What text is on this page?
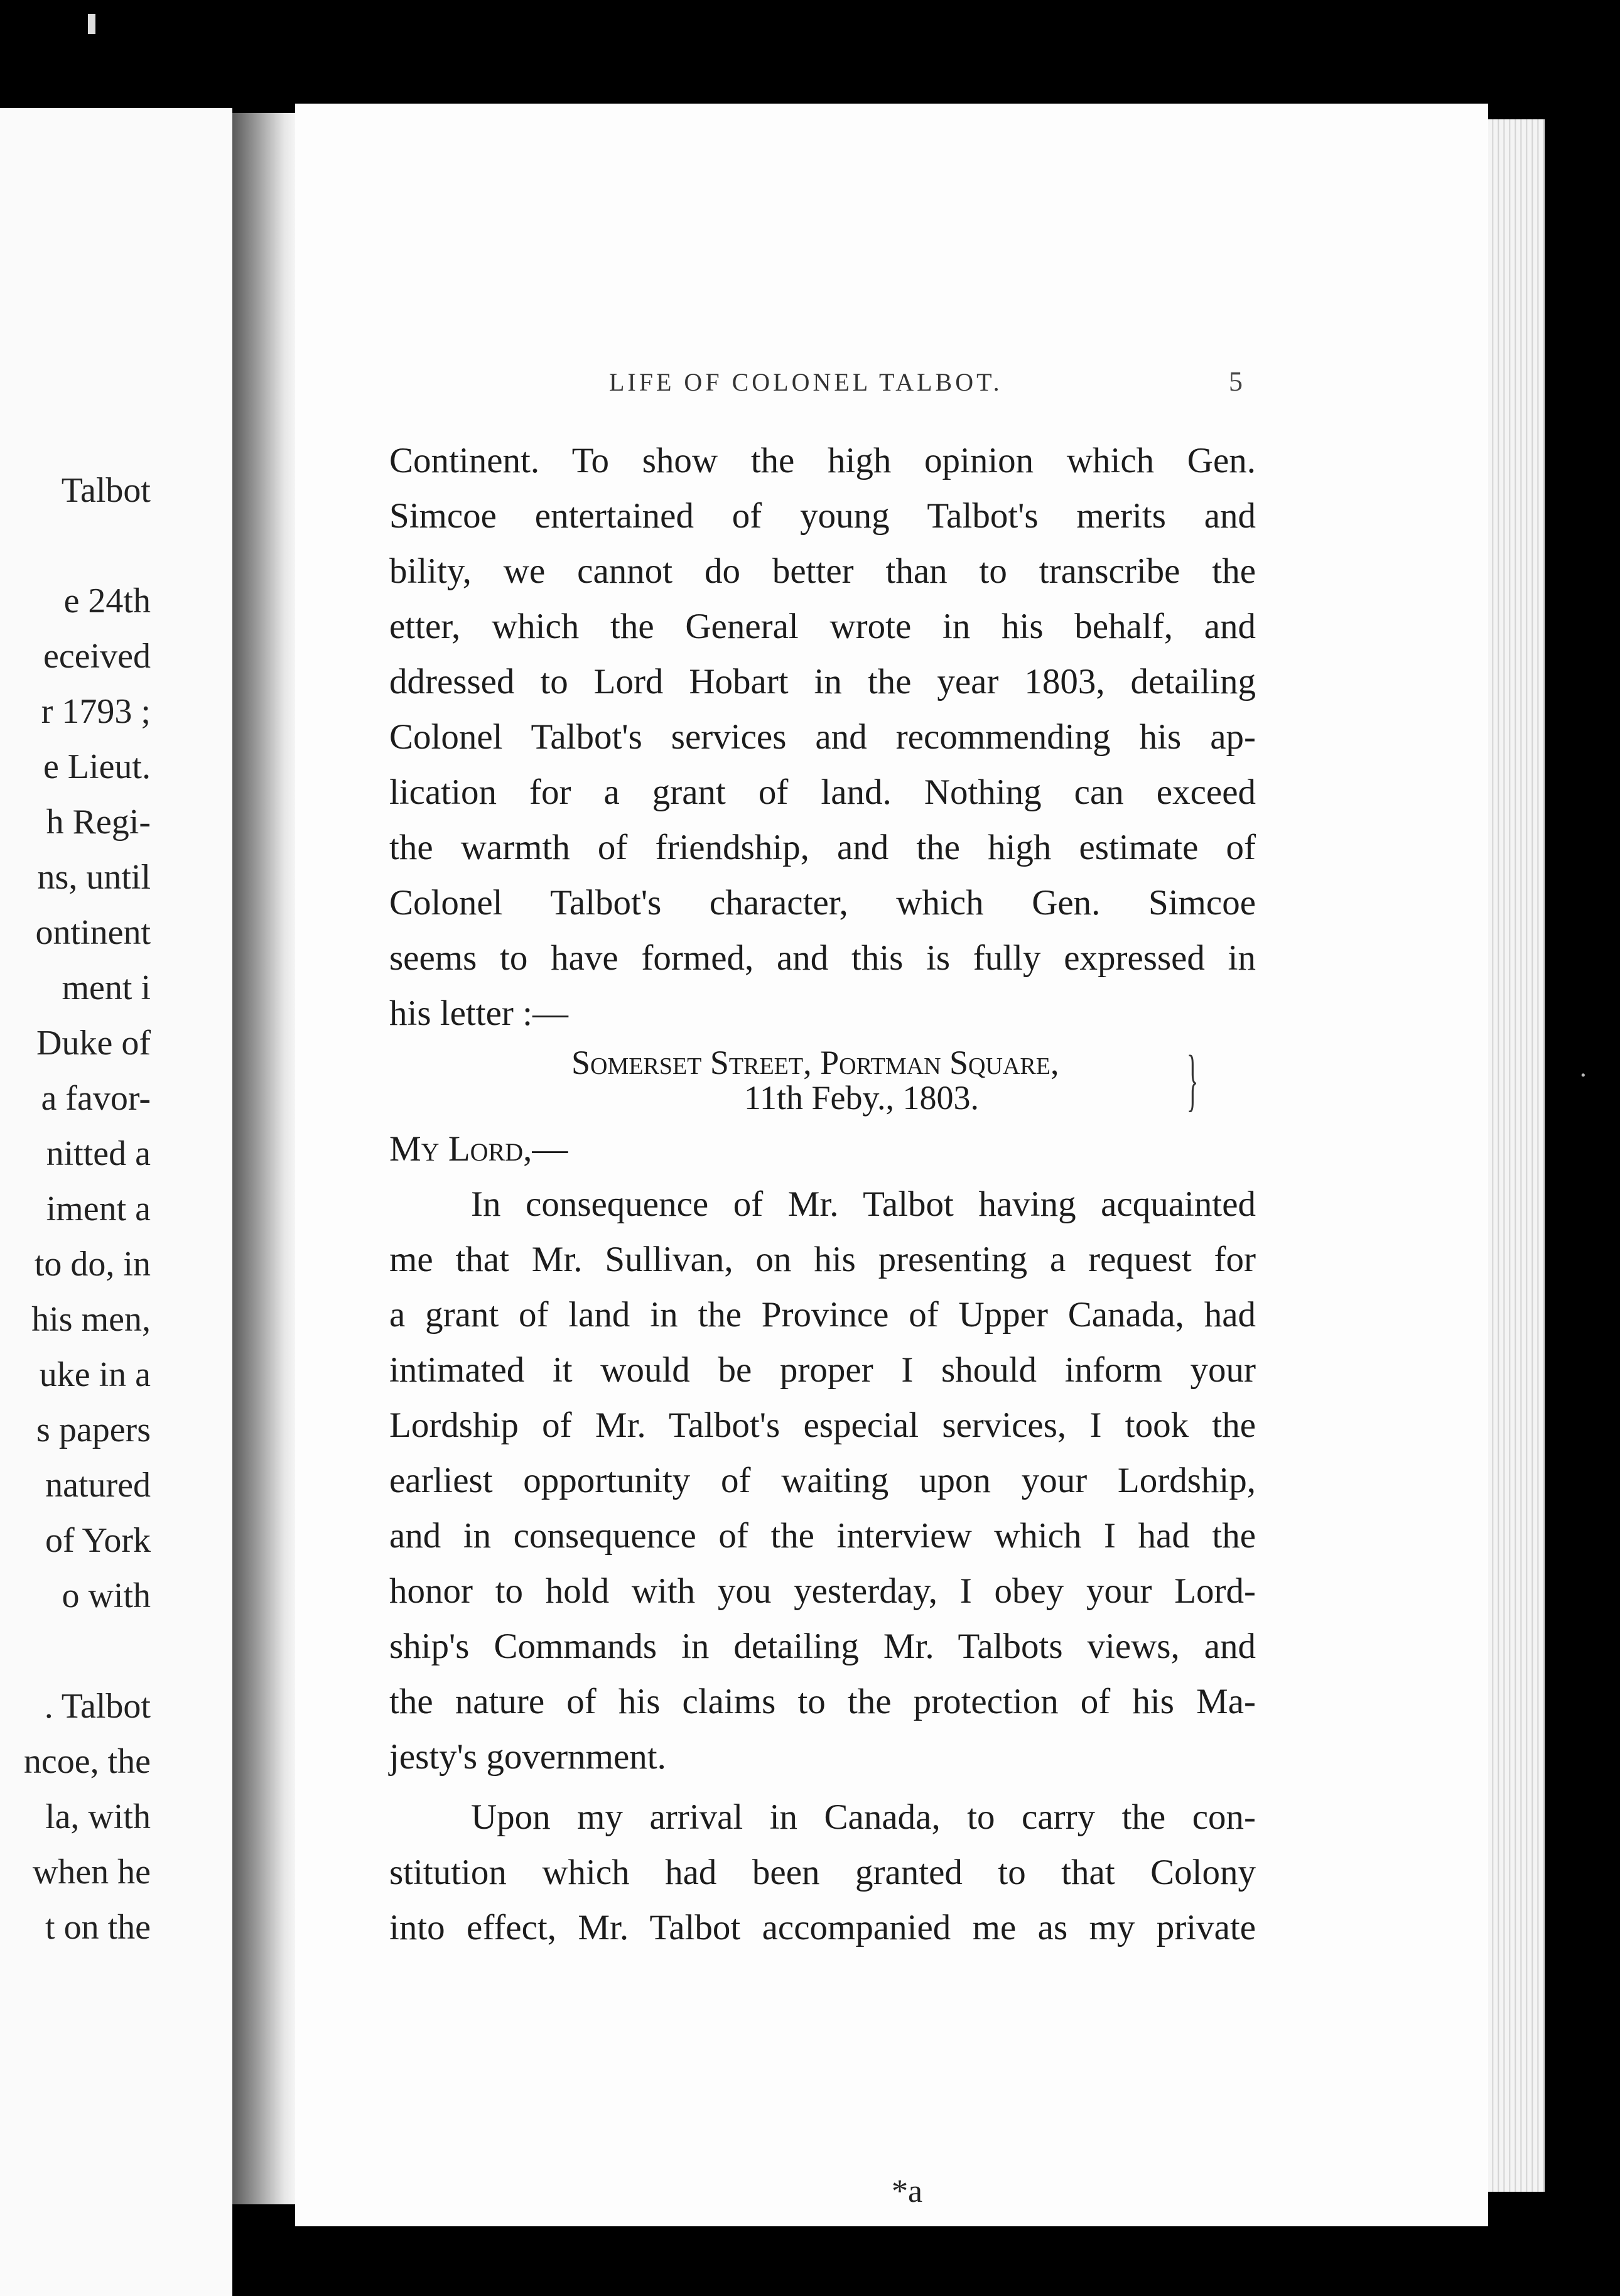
Talbot
e 24th
eceived
r 1793 ;
e Lieut.
h Regi-
ns, until
ontinent
ment i
Duke of
a favor-
nitted a
iment a
to do, in
his men,
uke in a
s papers
natured
of York
o with
. Talbot
ncoe, the
la, with
when he
t on the
LIFE OF COLONEL TALBOT.	5
Continent. To show the high opinion which Gen.
Simcoe entertained of young Talbot's merits and
bility, we cannot do better than to transcribe the
etter, which the General wrote in his behalf, and
ddressed to Lord Hobart in the year 1803, detailing
Colonel Talbot's services and recommending his ap-
lication for a grant of land. Nothing can exceed
the warmth of friendship, and the high estimate of
Colonel Talbot's character, which Gen. Simcoe
seems to have formed, and this is fully expressed in
his letter :—
Somerset Street, Portman Square,
11th Feby., 1803.	}
My Lord,—
In consequence of Mr. Talbot having acquainted
me that Mr. Sullivan, on his presenting a request for
a grant of land in the Province of Upper Canada, had
intimated it would be proper I should inform your
Lordship of Mr. Talbot's especial services, I took the
earliest opportunity of waiting upon your Lordship,
and in consequence of the interview which I had the
honor to hold with you yesterday, I obey your Lord-
ship's Commands in detailing Mr. Talbots views, and
the nature of his claims to the protection of his Ma-
jesty's government.
Upon my arrival in Canada, to carry the con-
stitution which had been granted to that Colony
into effect, Mr. Talbot accompanied me as my private
*a
·
